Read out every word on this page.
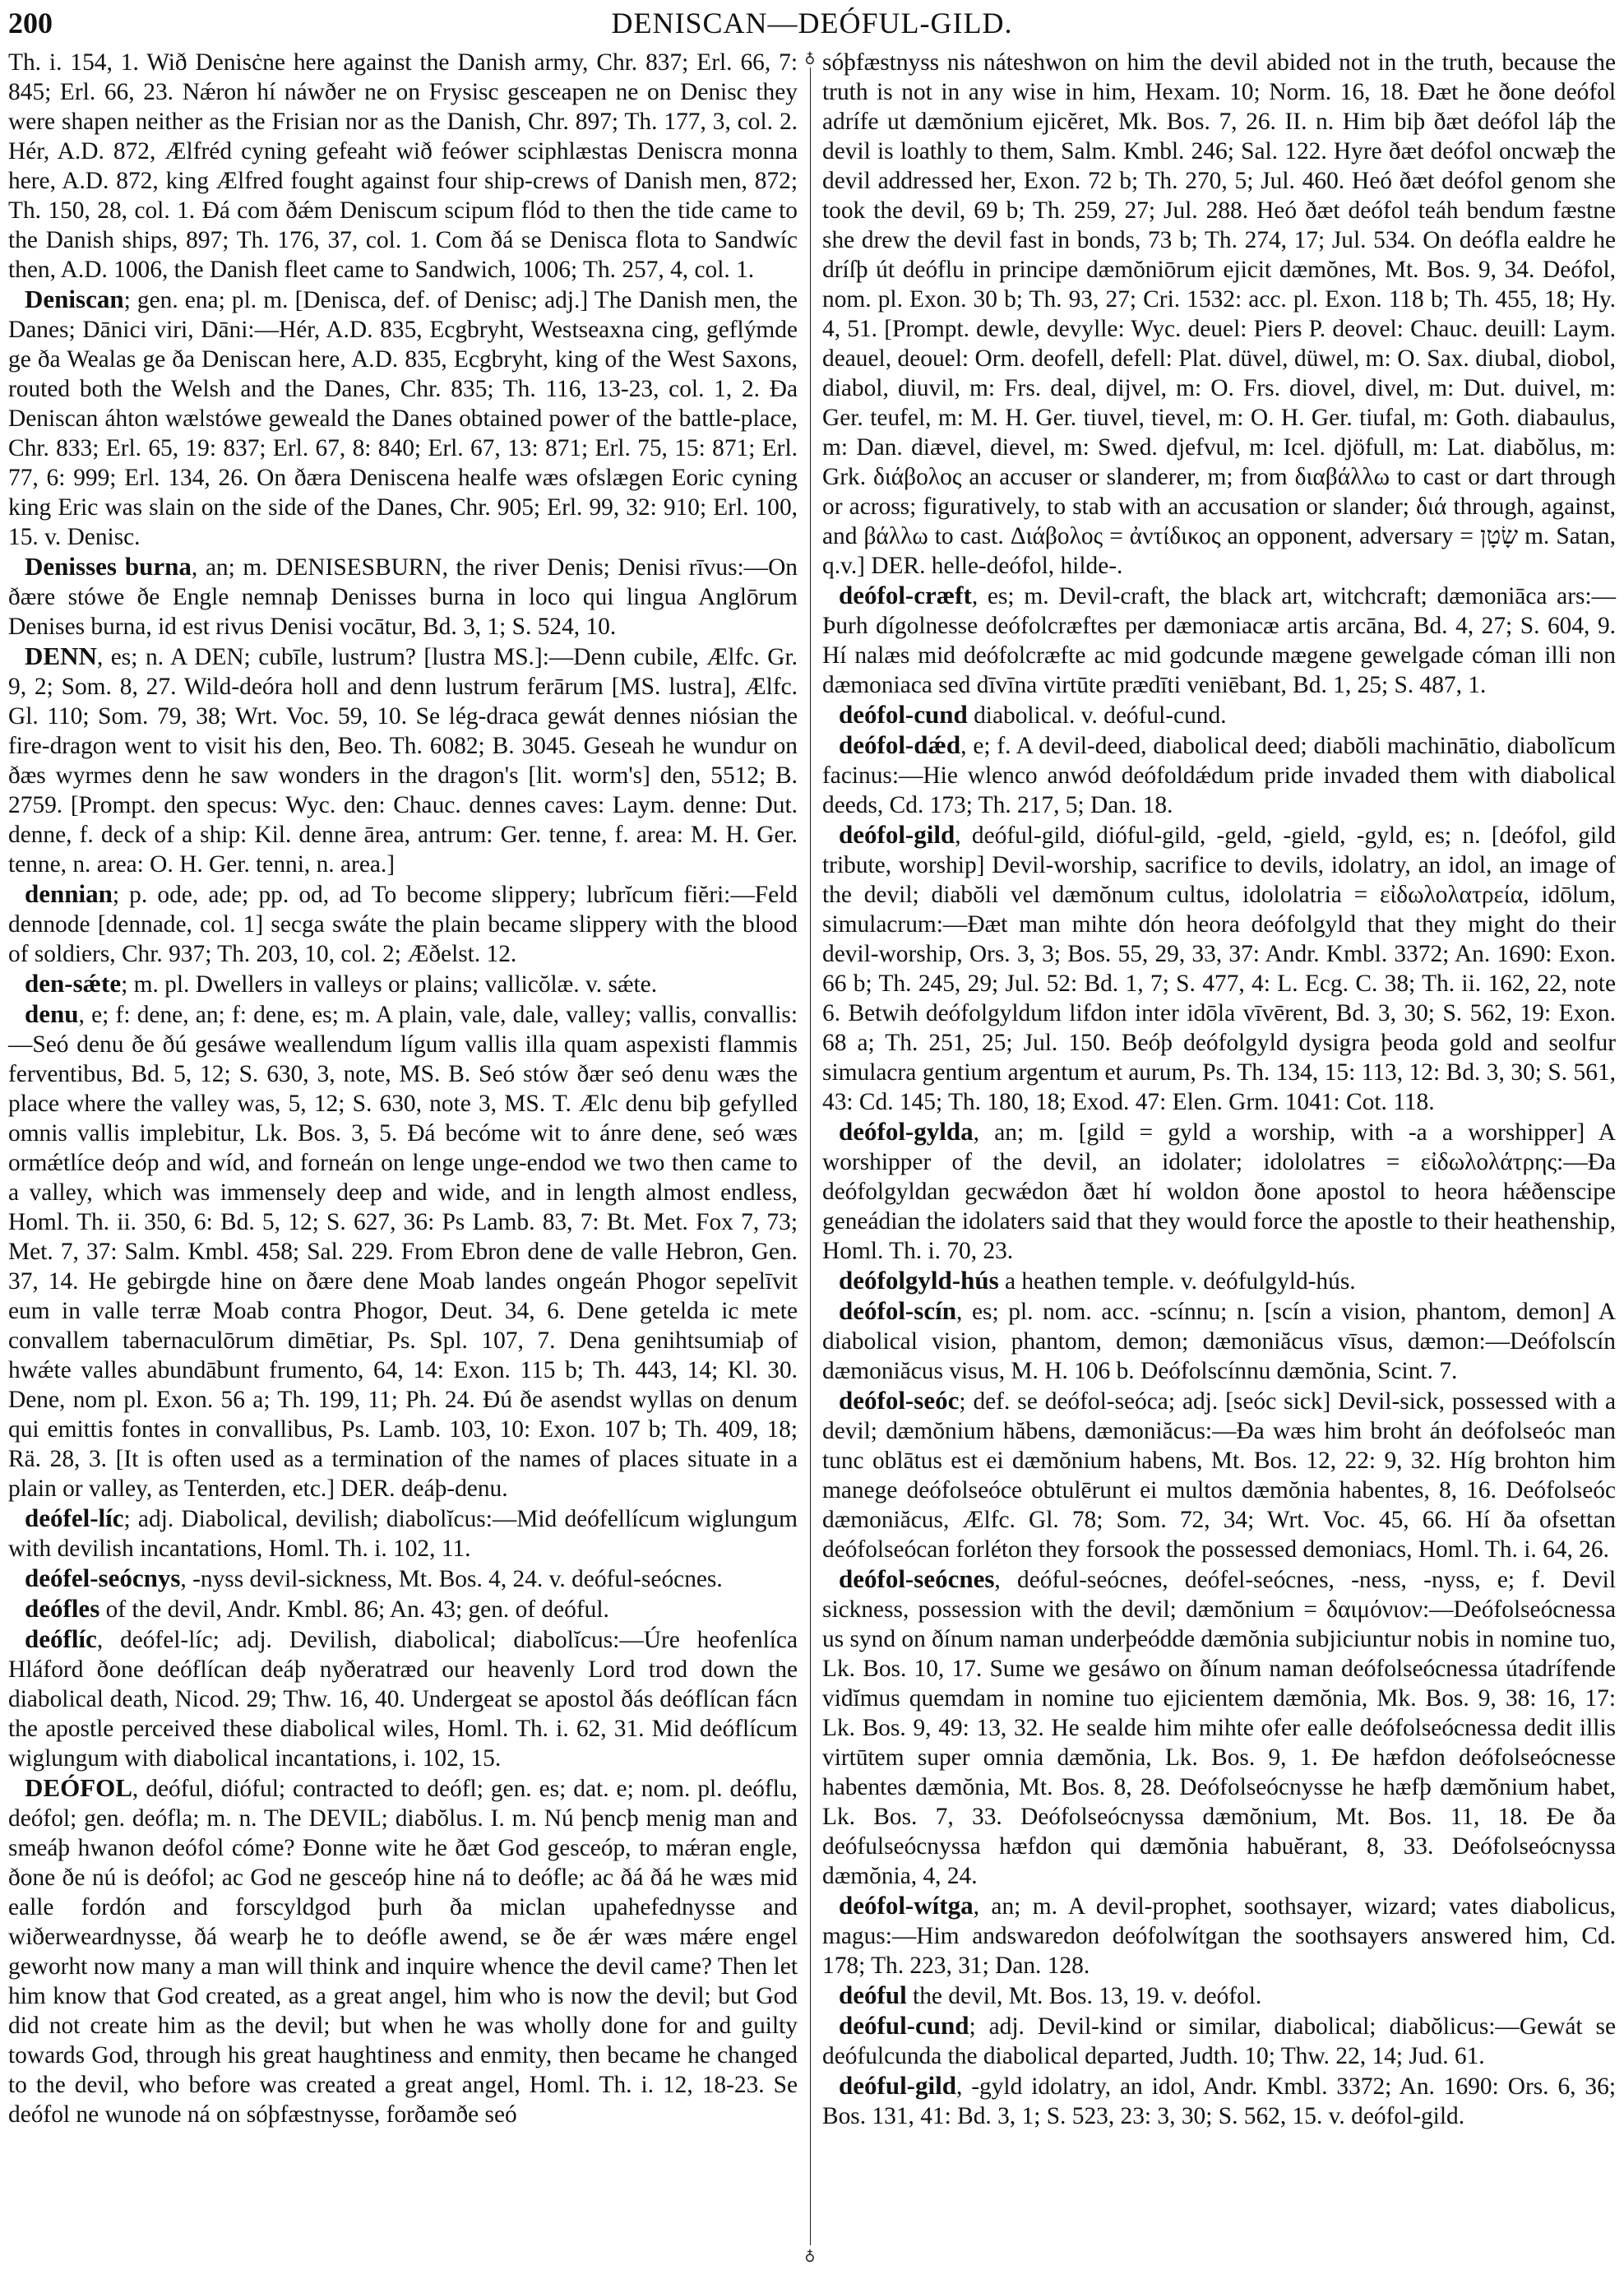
200	DENISCAN—DEÓFUL-GILD.
♁
♁

Th. i. 154, 1. Wið Denisċne here against the Danish army, Chr. 837; Erl. 66, 7: 845; Erl. 66, 23. Nǽron hí náwðer ne on Frysisc gesceapen ne on Denisc they were shapen neither as the Frisian nor as the Danish, Chr. 897; Th. 177, 3, col. 2. Hér, A.D. 872, Ælfréd cyning gefeaht wið feówer sciphlæstas Deniscra monna here, A.D. 872, king Ælfred fought against four ship-crews of Danish men, 872; Th. 150, 28, col. 1. Ðá com ðǽm Deniscum scipum flód to then the tide came to the Danish ships, 897; Th. 176, 37, col. 1. Com ðá se Denisca flota to Sandwíc then, A.D. 1006, the Danish fleet came to Sandwich, 1006; Th. 257, 4, col. 1.

Deniscan; gen. ena; pl. m. [Denisca, def. of Denisc; adj.] The Danish men, the Danes; Dānici viri, Dāni:—Hér, A.D. 835, Ecgbryht, Westseaxna cing, geflýmde ge ða Wealas ge ða Deniscan here, A.D. 835, Ecgbryht, king of the West Saxons, routed both the Welsh and the Danes, Chr. 835; Th. 116, 13-23, col. 1, 2. Ða Deniscan áhton wælstówe geweald the Danes obtained power of the battle-place, Chr. 833; Erl. 65, 19: 837; Erl. 67, 8: 840; Erl. 67, 13: 871; Erl. 75, 15: 871; Erl. 77, 6: 999; Erl. 134, 26. On ðæra Deniscena healfe wæs ofslægen Eoric cyning king Eric was slain on the side of the Danes, Chr. 905; Erl. 99, 32: 910; Erl. 100, 15. v. Denisc.

Denisses burna, an; m. DENISESBURN, the river Denis; Denisi rīvus:—On ðære stówe ðe Engle nemnaþ Denisses burna in loco qui lingua Anglōrum Denises burna, id est rivus Denisi vocātur, Bd. 3, 1; S. 524, 10.

DENN, es; n. A DEN; cubīle, lustrum? [lustra MS.]:—Denn cubile, Ælfc. Gr. 9, 2; Som. 8, 27. Wild-deóra holl and denn lustrum ferārum [MS. lustra], Ælfc. Gl. 110; Som. 79, 38; Wrt. Voc. 59, 10. Se lég-draca gewát dennes niósian the fire-dragon went to visit his den, Beo. Th. 6082; B. 3045. Geseah he wundur on ðæs wyrmes denn he saw wonders in the dragon's [lit. worm's] den, 5512; B. 2759. [Prompt. den specus: Wyc. den: Chauc. dennes caves: Laym. denne: Dut. denne, f. deck of a ship: Kil. denne ārea, antrum: Ger. tenne, f. area: M. H. Ger. tenne, n. area: O. H. Ger. tenni, n. area.]

dennian; p. ode, ade; pp. od, ad To become slippery; lubrĭcum fiĕri:—Feld dennode [dennade, col. 1] secga swáte the plain became slippery with the blood of soldiers, Chr. 937; Th. 203, 10, col. 2; Æðelst. 12.

den-sǽte; m. pl. Dwellers in valleys or plains; vallicŏlæ. v. sǽte.

denu, e; f: dene, an; f: dene, es; m. A plain, vale, dale, valley; vallis, convallis:—Seó denu ðe ðú gesáwe weallendum lígum vallis illa quam aspexisti flammis ferventibus, Bd. 5, 12; S. 630, 3, note, MS. B. Seó stów ðær seó denu wæs the place where the valley was, 5, 12; S. 630, note 3, MS. T. Ælc denu biþ gefylled omnis vallis implebitur, Lk. Bos. 3, 5. Ðá becóme wit to ánre dene, seó wæs ormǽtlíce deóp and wíd, and forneán on lenge unge-endod we two then came to a valley, which was immensely deep and wide, and in length almost endless, Homl. Th. ii. 350, 6: Bd. 5, 12; S. 627, 36: Ps Lamb. 83, 7: Bt. Met. Fox 7, 73; Met. 7, 37: Salm. Kmbl. 458; Sal. 229. From Ebron dene de valle Hebron, Gen. 37, 14. He gebirgde hine on ðære dene Moab landes ongeán Phogor sepelīvit eum in valle terræ Moab contra Phogor, Deut. 34, 6. Dene getelda ic mete convallem tabernaculōrum dimētiar, Ps. Spl. 107, 7. Dena genihtsumiaþ of hwǽte valles abundābunt frumento, 64, 14: Exon. 115 b; Th. 443, 14; Kl. 30. Dene, nom pl. Exon. 56 a; Th. 199, 11; Ph. 24. Ðú ðe asendst wyllas on denum qui emittis fontes in convallibus, Ps. Lamb. 103, 10: Exon. 107 b; Th. 409, 18; Rä. 28, 3. [It is often used as a termination of the names of places situate in a plain or valley, as Tenterden, etc.] DER. deáþ-denu.

deófel-líc; adj. Diabolical, devilish; diabolĭcus:—Mid deófellícum wiglungum with devilish incantations, Homl. Th. i. 102, 11.

deófel-seócnys, -nyss devil-sickness, Mt. Bos. 4, 24. v. deóful-seócnes.

deófles of the devil, Andr. Kmbl. 86; An. 43; gen. of deóful.

deóflíc, deófel-líc; adj. Devilish, diabolical; diabolĭcus:—Úre heofenlíca Hláford ðone deóflícan deáþ nyðeratræd our heavenly Lord trod down the diabolical death, Nicod. 29; Thw. 16, 40. Undergeat se apostol ðás deóflícan fácn the apostle perceived these diabolical wiles, Homl. Th. i. 62, 31. Mid deóflícum wiglungum with diabolical incantations, i. 102, 15.

DEÓFOL, deóful, dióful; contracted to deófl; gen. es; dat. e; nom. pl. deóflu, deófol; gen. deófla; m. n. The DEVIL; diabŏlus. I. m. Nú þencþ menig man and smeáþ hwanon deófol cóme? Ðonne wite he ðæt God gesceóp, to mǽran engle, ðone ðe nú is deófol; ac God ne gesceóp hine ná to deófle; ac ðá ðá he wæs mid ealle fordón and forscyldgod þurh ða miclan upahefednysse and wiðerweardnysse, ðá wearþ he to deófle awend, se ðe ǽr wæs mǽre engel geworht now many a man will think and inquire whence the devil came? Then let him know that God created, as a great angel, him who is now the devil; but God did not create him as the devil; but when he was wholly done for and guilty towards God, through his great haughtiness and enmity, then became he changed to the devil, who before was created a great angel, Homl. Th. i. 12, 18-23. Se deófol ne wunode ná on sóþfæstnysse, forðamðe seó

sóþfæstnyss nis náteshwon on him the devil abided not in the truth, because the truth is not in any wise in him, Hexam. 10; Norm. 16, 18. Ðæt he ðone deófol adrífe ut dæmŏnium ejicĕret, Mk. Bos. 7, 26. II. n. Him biþ ðæt deófol láþ the devil is loathly to them, Salm. Kmbl. 246; Sal. 122. Hyre ðæt deófol oncwæþ the devil addressed her, Exon. 72 b; Th. 270, 5; Jul. 460. Heó ðæt deófol genom she took the devil, 69 b; Th. 259, 27; Jul. 288. Heó ðæt deófol teáh bendum fæstne she drew the devil fast in bonds, 73 b; Th. 274, 17; Jul. 534. On deófla ealdre he dríſþ út deóflu in principe dæmŏniōrum ejicit dæmŏnes, Mt. Bos. 9, 34. Deófol, nom. pl. Exon. 30 b; Th. 93, 27; Cri. 1532: acc. pl. Exon. 118 b; Th. 455, 18; Hy. 4, 51. [Prompt. dewle, devylle: Wyc. deuel: Piers P. deovel: Chauc. deuill: Laym. deauel, deouel: Orm. deofell, defell: Plat. düvel, düwel, m: O. Sax. diubal, diobol, diabol, diuvil, m: Frs. deal, dijvel, m: O. Frs. diovel, divel, m: Dut. duivel, m: Ger. teufel, m: M. H. Ger. tiuvel, tievel, m: O. H. Ger. tiufal, m: Goth. diabaulus, m: Dan. diævel, dievel, m: Swed. djefvul, m: Icel. djöfull, m: Lat. diabŏlus, m: Grk. διάβολος an accuser or slanderer, m; from διαβάλλω to cast or dart through or across; figuratively, to stab with an accusation or slander; διά through, against, and βάλλω to cast. Διάβολος = ἀντίδικος an opponent, adversary = שָׂטָן m. Satan, q.v.] DER. helle-deófol, hilde-.

deófol-cræft, es; m. Devil-craft, the black art, witchcraft; dæmoniāca ars:—Þurh dígolnesse deófolcræftes per dæmoniacæ artis arcāna, Bd. 4, 27; S. 604, 9. Hí nalæs mid deófolcræfte ac mid godcunde mægene gewelgade cóman illi non dæmoniaca sed dīvīna virtūte prædīti veniēbant, Bd. 1, 25; S. 487, 1.

deófol-cund diabolical. v. deóful-cund.

deófol-dǽd, e; f. A devil-deed, diabolical deed; diabŏli machinātio, diabolĭcum facinus:—Hie wlenco anwód deófoldǽdum pride invaded them with diabolical deeds, Cd. 173; Th. 217, 5; Dan. 18.

deófol-gild, deóful-gild, dióful-gild, -geld, -gield, -gyld, es; n. [deófol, gild tribute, worship] Devil-worship, sacrifice to devils, idolatry, an idol, an image of the devil; diabŏli vel dæmŏnum cultus, idololatria = εἰδωλολατρεία, idōlum, simulacrum:—Ðæt man mihte dón heora deófolgyld that they might do their devil-worship, Ors. 3, 3; Bos. 55, 29, 33, 37: Andr. Kmbl. 3372; An. 1690: Exon. 66 b; Th. 245, 29; Jul. 52: Bd. 1, 7; S. 477, 4: L. Ecg. C. 38; Th. ii. 162, 22, note 6. Betwih deófolgyldum lifdon inter idōla vīvērent, Bd. 3, 30; S. 562, 19: Exon. 68 a; Th. 251, 25; Jul. 150. Beóþ deófolgyld dysigra þeoda gold and seolfur simulacra gentium argentum et aurum, Ps. Th. 134, 15: 113, 12: Bd. 3, 30; S. 561, 43: Cd. 145; Th. 180, 18; Exod. 47: Elen. Grm. 1041: Cot. 118.

deófol-gylda, an; m. [gild = gyld a worship, with -a a worshipper] A worshipper of the devil, an idolater; idololatres = εἰδωλολάτρης:—Ða deófolgyldan gecwǽdon ðæt hí woldon ðone apostol to heora hǽðenscipe geneádian the idolaters said that they would force the apostle to their heathenship, Homl. Th. i. 70, 23.

deófolgyld-hús a heathen temple. v. deófulgyld-hús.

deófol-scín, es; pl. nom. acc. -scínnu; n. [scín a vision, phantom, demon] A diabolical vision, phantom, demon; dæmoniăcus vīsus, dæmon:—Deófolscín dæmoniăcus visus, M. H. 106 b. Deófolscínnu dæmŏnia, Scint. 7.

deófol-seóc; def. se deófol-seóca; adj. [seóc sick] Devil-sick, possessed with a devil; dæmŏnium hăbens, dæmoniăcus:—Ða wæs him broht án deófolseóc man tunc oblātus est ei dæmŏnium habens, Mt. Bos. 12, 22: 9, 32. Híg brohton him manege deófolseóce obtulērunt ei multos dæmŏnia habentes, 8, 16. Deófolseóc dæmoniăcus, Ælfc. Gl. 78; Som. 72, 34; Wrt. Voc. 45, 66. Hí ða ofsettan deófolseócan forléton they forsook the possessed demoniacs, Homl. Th. i. 64, 26.

deófol-seócnes, deóful-seócnes, deófel-seócnes, -ness, -nyss, e; f. Devil sickness, possession with the devil; dæmŏnium = δαιμόνιον:—Deófolseócnessa us synd on ðínum naman underþeódde dæmŏnia subjiciuntur nobis in nomine tuo, Lk. Bos. 10, 17. Sume we gesáwo on ðínum naman deófolseócnessa útadrífende vidĭmus quemdam in nomine tuo ejicientem dæmŏnia, Mk. Bos. 9, 38: 16, 17: Lk. Bos. 9, 49: 13, 32. He sealde him mihte ofer ealle deófolseócnessa dedit illis virtūtem super omnia dæmŏnia, Lk. Bos. 9, 1. Ðe hæfdon deófolseócnesse habentes dæmŏnia, Mt. Bos. 8, 28. Deófolseócnysse he hæfþ dæmŏnium habet, Lk. Bos. 7, 33. Deófolseócnyssa dæmŏnium, Mt. Bos. 11, 18. Ðe ða deófulseócnyssa hæfdon qui dæmŏnia habuĕrant, 8, 33. Deófolseócnyssa dæmŏnia, 4, 24.

deófol-wítga, an; m. A devil-prophet, soothsayer, wizard; vates diabolicus, magus:—Him andswaredon deófolwítgan the soothsayers answered him, Cd. 178; Th. 223, 31; Dan. 128.

deóful the devil, Mt. Bos. 13, 19. v. deófol.

deóful-cund; adj. Devil-kind or similar, diabolical; diabŏlicus:—Gewát se deófulcunda the diabolical departed, Judth. 10; Thw. 22, 14; Jud. 61.

deóful-gild, -gyld idolatry, an idol, Andr. Kmbl. 3372; An. 1690: Ors. 6, 36; Bos. 131, 41: Bd. 3, 1; S. 523, 23: 3, 30; S. 562, 15. v. deófol-gild.
